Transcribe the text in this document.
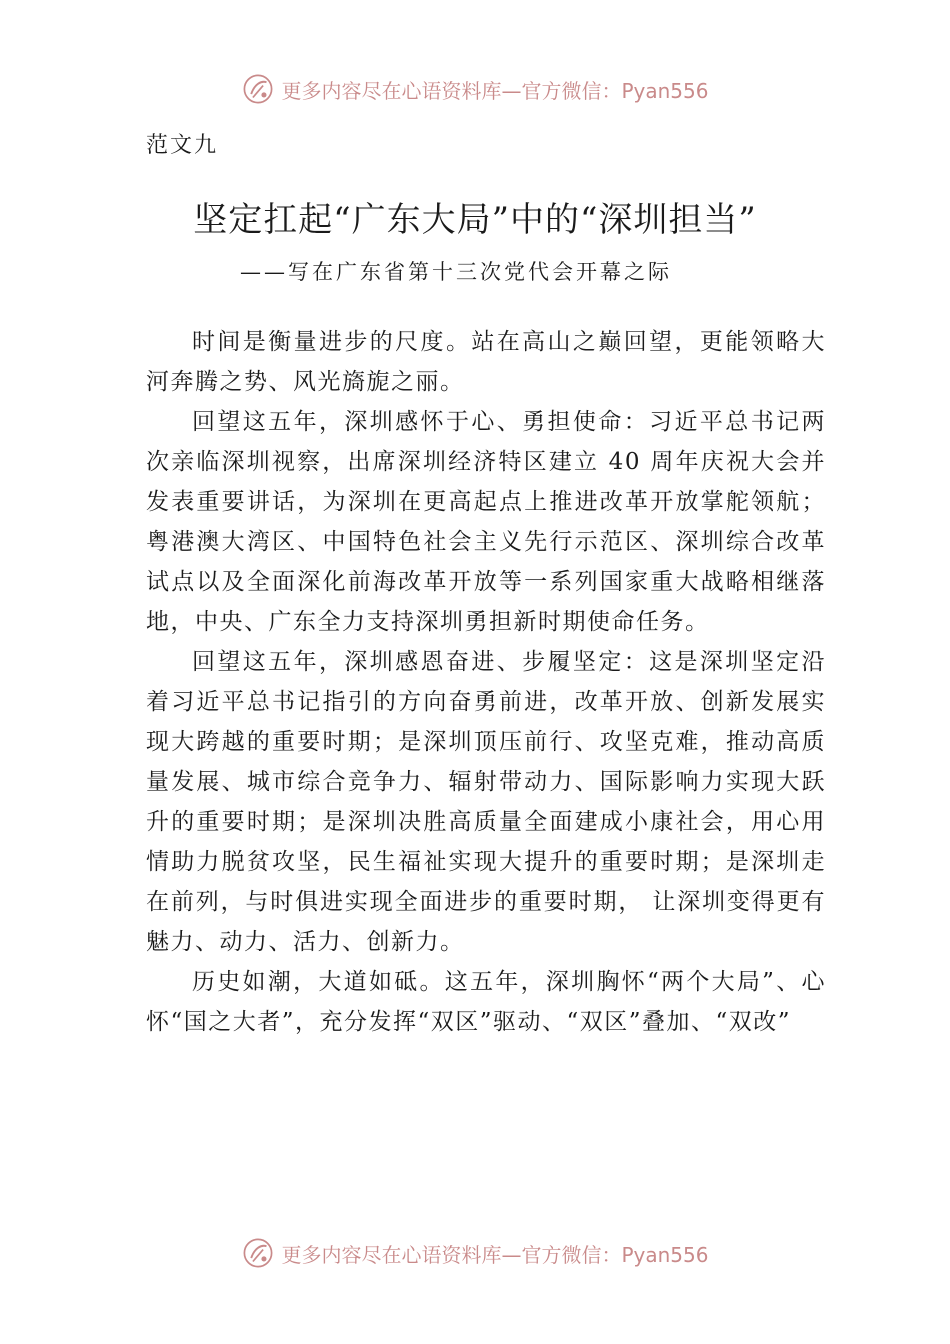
更多内容尽在心语资料库—官方微信：Pyan556
范文九
坚定扛起“广东大局”中的“深圳担当”
——写在广东省第十三次党代会开幕之际

时间是衡量进步的尺度。站在高山之巅回望，更能领略大河奔腾之势、风光旖旎之丽。

回望这五年，深圳感怀于心、勇担使命：习近平总书记两次亲临深圳视察，出席深圳经济特区建立 40 周年庆祝大会并发表重要讲话，为深圳在更高起点上推进改革开放掌舵领航；粤港澳大湾区、中国特色社会主义先行示范区、深圳综合改革试点以及全面深化前海改革开放等一系列国家重大战略相继落地，中央、广东全力支持深圳勇担新时期使命任务。

回望这五年，深圳感恩奋进、步履坚定：这是深圳坚定沿着习近平总书记指引的方向奋勇前进，改革开放、创新发展实现大跨越的重要时期；是深圳顶压前行、攻坚克难，推动高质量发展、城市综合竞争力、辐射带动力、国际影响力实现大跃升的重要时期；是深圳决胜高质量全面建成小康社会，用心用情助力脱贫攻坚，民生福祉实现大提升的重要时期；是深圳走在前列，与时俱进实现全面进步的重要时期， 让深圳变得更有魅力、动力、活力、创新力。

历史如潮，大道如砥。这五年，深圳胸怀“两个大局”、心怀“国之大者”，充分发挥“双区”驱动、“双区”叠加、“双改”

更多内容尽在心语资料库—官方微信：Pyan556
